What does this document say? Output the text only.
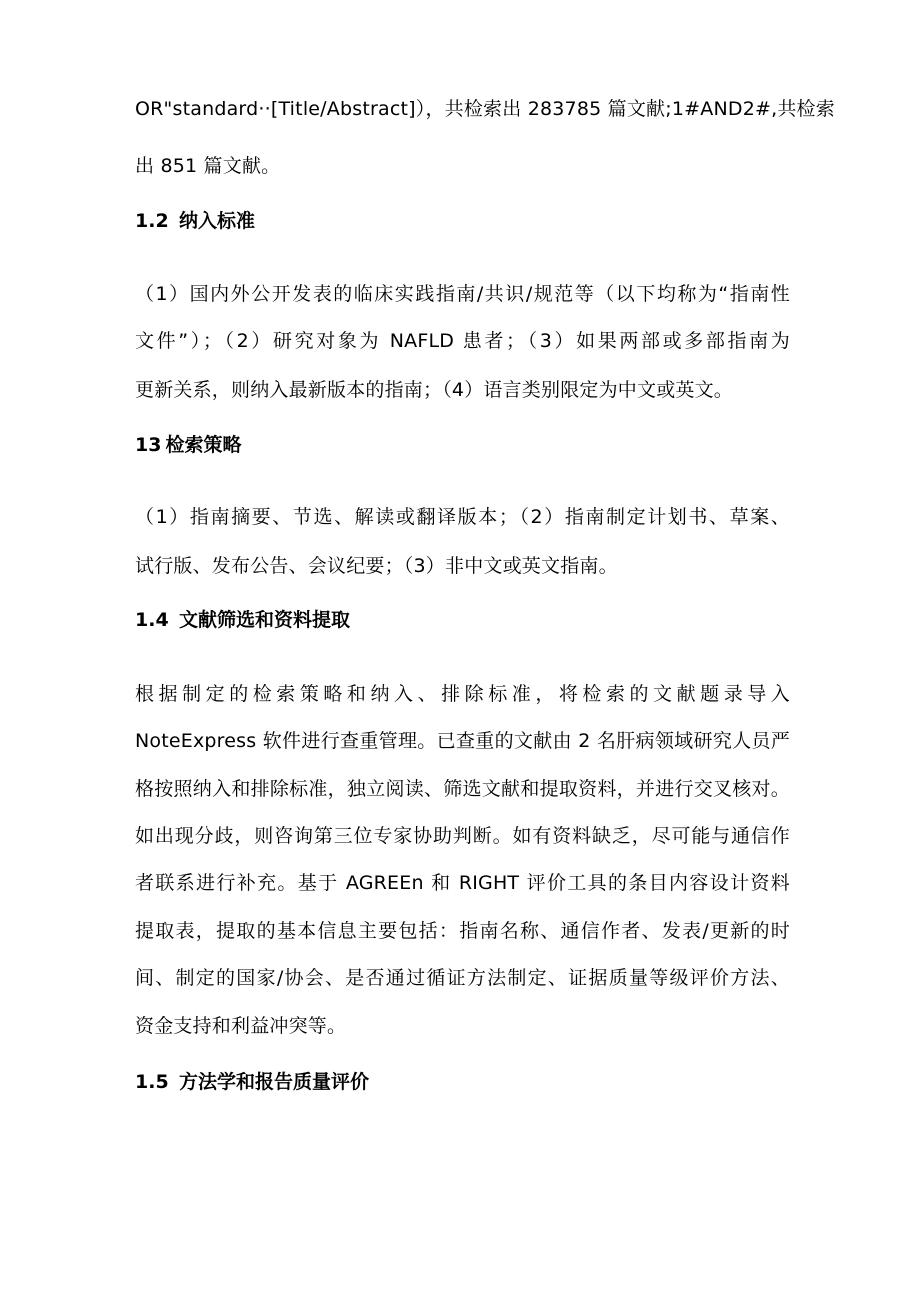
OR"standard··[Title∕Abstract]），共检索出 283785 篇文献;1#AND2#,共检索
出 851 篇文献。
1.2 纳入标准
（1）国内外公开发表的临床实践指南/共识/规范等（以下均称为“指南性
文件”）；（2）研究对象为 NAFLD 患者；（3）如果两部或多部指南为
更新关系，则纳入最新版本的指南；（4）语言类别限定为中文或英文。
13 检索策略
（1）指南摘要、节选、解读或翻译版本；（2）指南制定计划书、草案、
试行版、发布公告、会议纪要；（3）非中文或英文指南。
1.4 文献筛选和资料提取
根据制定的检索策略和纳入、排除标准，将检索的文献题录导入
NoteExpress 软件进行查重管理。已查重的文献由 2 名肝病领域研究人员严
格按照纳入和排除标准，独立阅读、筛选文献和提取资料，并进行交叉核对。
如出现分歧，则咨询第三位专家协助判断。如有资料缺乏，尽可能与通信作
者联系进行补充。基于 AGREEn 和 RIGHT 评价工具的条目内容设计资料
提取表，提取的基本信息主要包括：指南名称、通信作者、发表/更新的时
间、制定的国家/协会、是否通过循证方法制定、证据质量等级评价方法、
资金支持和利益冲突等。
1.5 方法学和报告质量评价
